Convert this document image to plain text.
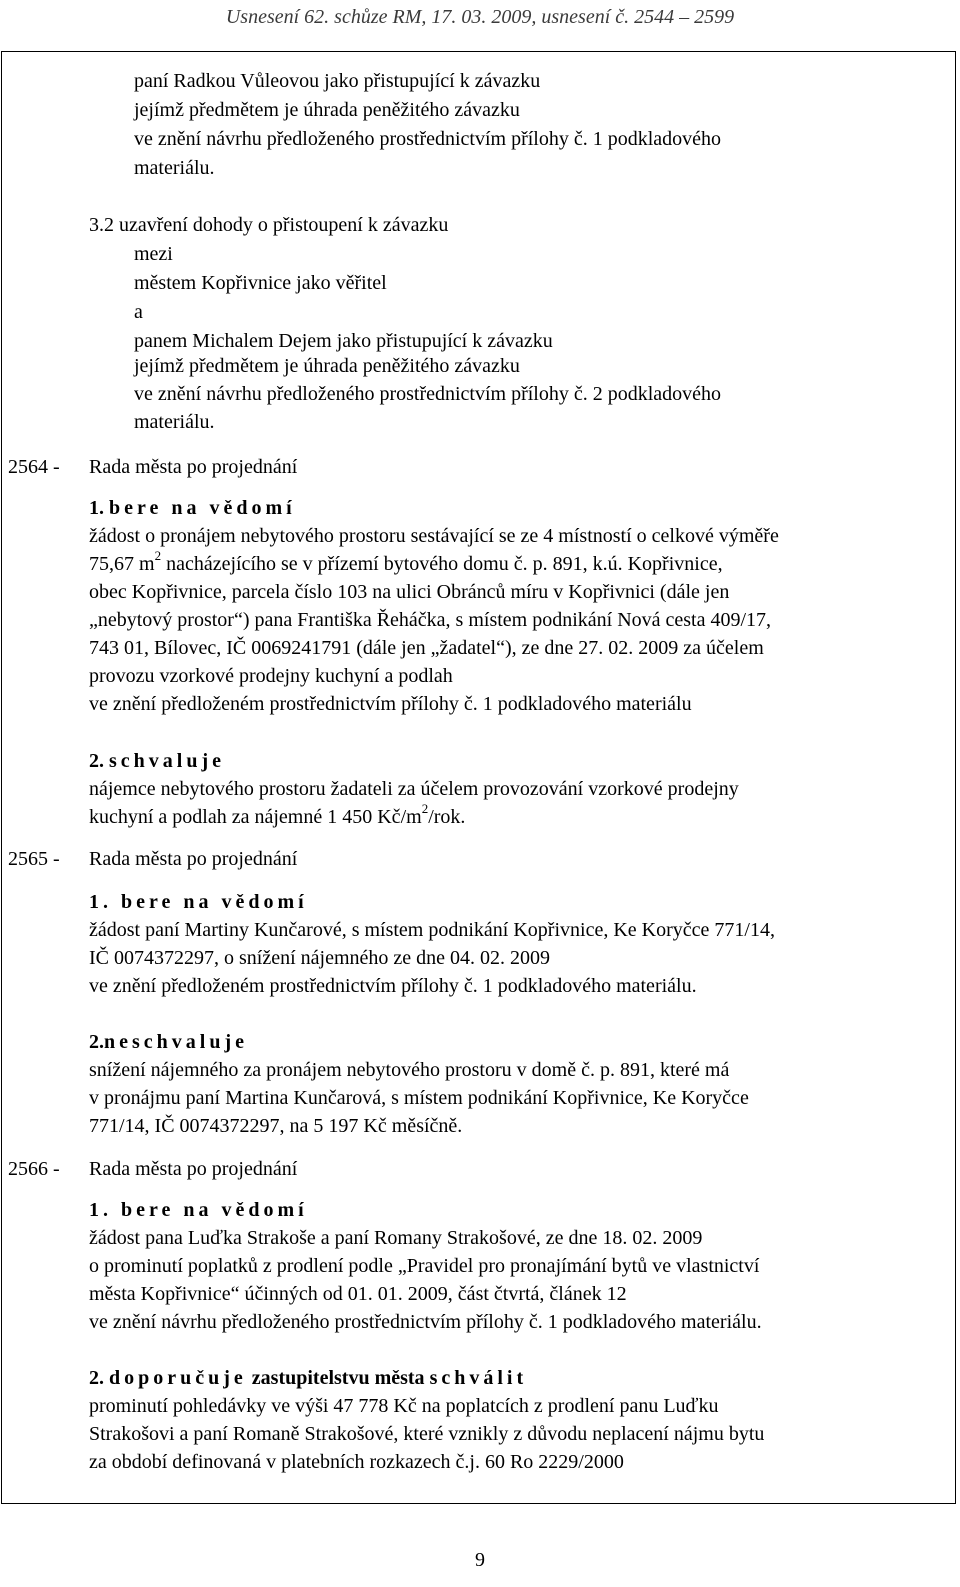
Usnesení 62. schůze RM, 17. 03. 2009, usnesení č. 2544 – 2599
paní Radkou Vůleovou jako přistupující k závazku
jejímž předmětem je úhrada peněžitého závazku
ve znění návrhu předloženého prostřednictvím přílohy č. 1 podkladového
materiálu.
3.2 uzavření dohody o přistoupení k závazku
mezi
městem Kopřivnice jako věřitel
a
panem Michalem Dejem jako přistupující k závazku
jejímž předmětem je úhrada peněžitého závazku
ve znění návrhu předloženého prostřednictvím přílohy č. 2 podkladového
materiálu.
2564 - Rada města po projednání
1. bere na vědomí
žádost o pronájem nebytového prostoru sestávající se ze 4 místností o celkové výměře
75,67 $m^2$ nacházejícího se v přízemí bytového domu č. p. 891, k.ú. Kopřivnice,
obec Kopřivnice, parcela číslo 103 na ulici Obránců míru v Kopřivnici (dále jen
„nebytový prostor“) pana Františka Řeháčka, s místem podnikání Nová cesta 409/17,
743 01, Bílovec, IČ 0069241791 (dále jen „žadatel“), ze dne 27. 02. 2009 za účelem
provozu vzorkové prodejny kuchyní a podlah
ve znění předloženém prostřednictvím přílohy č. 1 podkladového materiálu
2. schvaluje
nájemce nebytového prostoru žadateli za účelem provozování vzorkové prodejny
kuchyní a podlah za nájemné 1 450 $Kč/m^2$/rok.
2565 - Rada města po projednání
1. bere na vědomí
žádost paní Martiny Kunčarové, s místem podnikání Kopřivnice, Ke Koryčce 771/14,
IČ 0074372297, o snížení nájemného ze dne 04. 02. 2009
ve znění předloženém prostřednictvím přílohy č. 1 podkladového materiálu.
2.neschvaluje
snížení nájemného za pronájem nebytového prostoru v domě č. p. 891, které má
v pronájmu paní Martina Kunčarová, s místem podnikání Kopřivnice, Ke Koryčce
771/14, IČ 0074372297, na 5 197 Kč měsíčně.
2566 - Rada města po projednání
1. bere na vědomí
žádost pana Luďka Strakoše a paní Romany Strakošové, ze dne 18. 02. 2009
o prominutí poplatků z prodlení podle „Pravidel pro pronajímání bytů ve vlastnictví
města Kopřivnice“ účinných od 01. 01. 2009, část čtvrtá, článek 12
ve znění návrhu předloženého prostřednictvím přílohy č. 1 podkladového materiálu.
2. doporučuje zastupitelstvu města schválit
prominutí pohledávky ve výši 47 778 Kč na poplatcích z prodlení panu Luďku
Strakošovi a paní Romaně Strakošové, které vznikly z důvodu neplacení nájmu bytu
za období definovaná v platebních rozkazech č.j. 60 Ro 2229/2000
9
